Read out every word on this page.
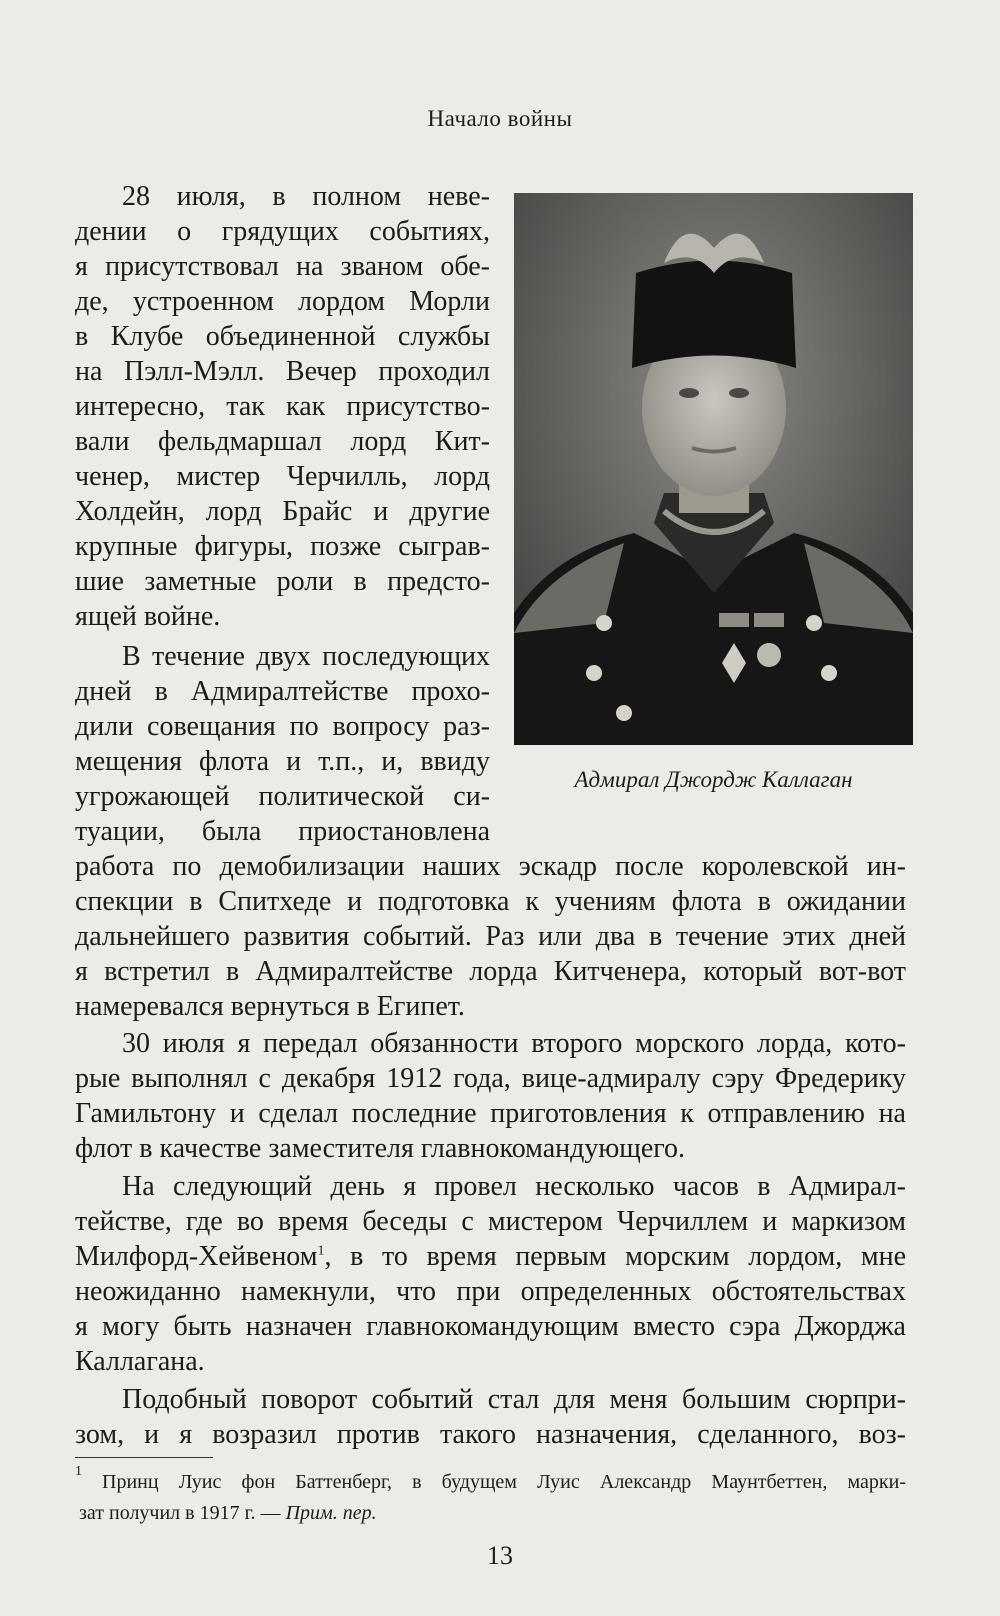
Начало войны
Адмирал Джордж Каллаган
28 июля, в полном неве-
дении о грядущих событиях,
я присутствовал на званом обе-
де, устроенном лордом Морли
в Клубе объединенной службы
на Пэлл-Мэлл. Вечер проходил
интересно, так как присутство-
вали фельдмаршал лорд Кит-
ченер, мистер Черчилль, лорд
Холдейн, лорд Брайс и другие
крупные фигуры, позже сыграв-
шие заметные роли в предсто-
ящей войне.
В течение двух последующих
дней в Адмиралтействе прохо-
дили совещания по вопросу раз-
мещения флота и т.п., и, ввиду
угрожающей политической си-
туации, была приостановлена
работа по демобилизации наших эскадр после королевской ин-
спекции в Спитхеде и подготовка к учениям флота в ожидании
дальнейшего развития событий. Раз или два в течение этих дней
я встретил в Адмиралтействе лорда Китченера, который вот-вот
намеревался вернуться в Египет.
30 июля я передал обязанности второго морского лорда, кото-
рые выполнял с декабря 1912 года, вице-адмиралу сэру Фредерику
Гамильтону и сделал последние приготовления к отправлению на
флот в качестве заместителя главнокомандующего.
На следующий день я провел несколько часов в Адмирал-
тействе, где во время беседы с мистером Черчиллем и маркизом
Милфорд-Хейвеном$^1$, в то время первым морским лордом, мне
неожиданно намекнули, что при определенных обстоятельствах
я могу быть назначен главнокомандующим вместо сэра Джорджа
Каллагана.
Подобный поворот событий стал для меня большим сюрпри-
зом, и я возразил против такого назначения, сделанного, воз-
1 Принц Луис фон Баттенберг, в будущем Луис Александр Маунтбеттен, марки-
зат получил в 1917 г. — Прим. пер.
13
